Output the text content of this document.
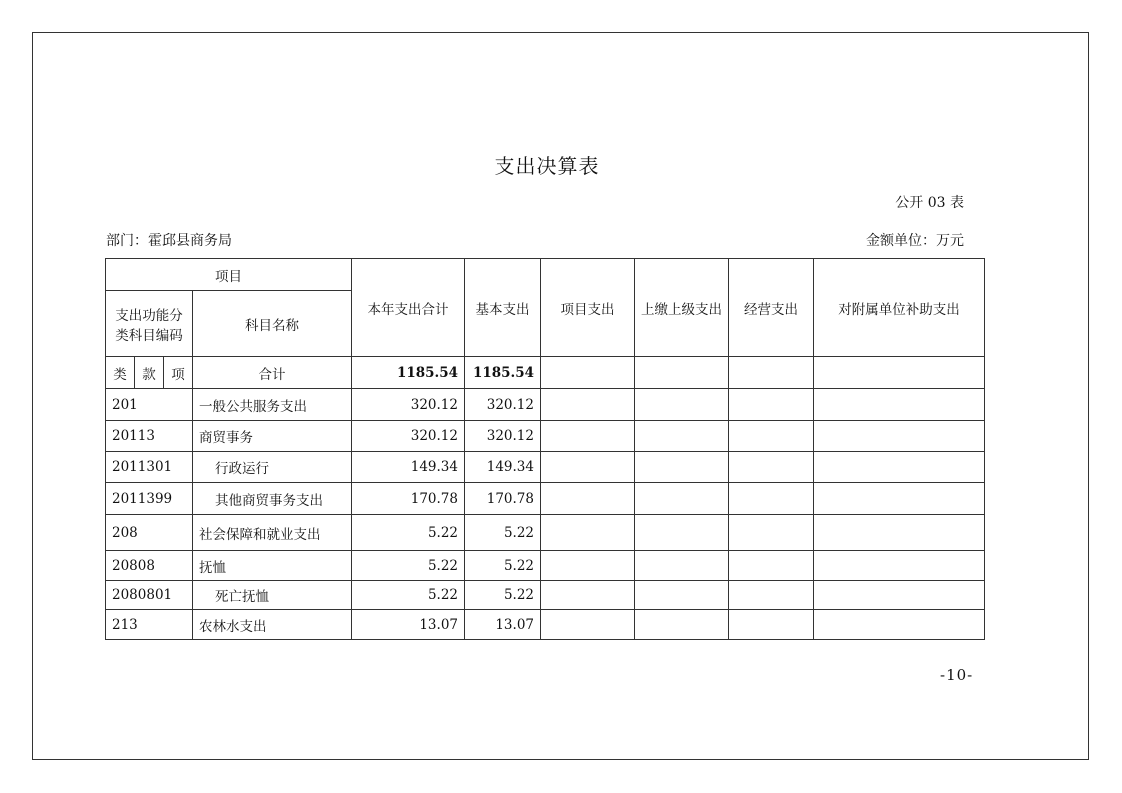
支出决算表
公开 03 表
部门：霍邱县商务局	金额单位：万元
项目				本年支出合计	基本支出	项目支出	上缴上级支出	经营支出	对附属单位补助支出
支出功能分类科目编码			科目名称						
类	款	项	合计	1185.54	1185.54				
201			一般公共服务支出	320.12	320.12				
20113			商贸事务	320.12	320.12				
2011301			行政运行	149.34	149.34				
2011399			其他商贸事务支出	170.78	170.78				
208			社会保障和就业支出	5.22	5.22				
20808			抚恤	5.22	5.22				
2080801			死亡抚恤	5.22	5.22				
213			农林水支出	13.07	13.07				
-10-
